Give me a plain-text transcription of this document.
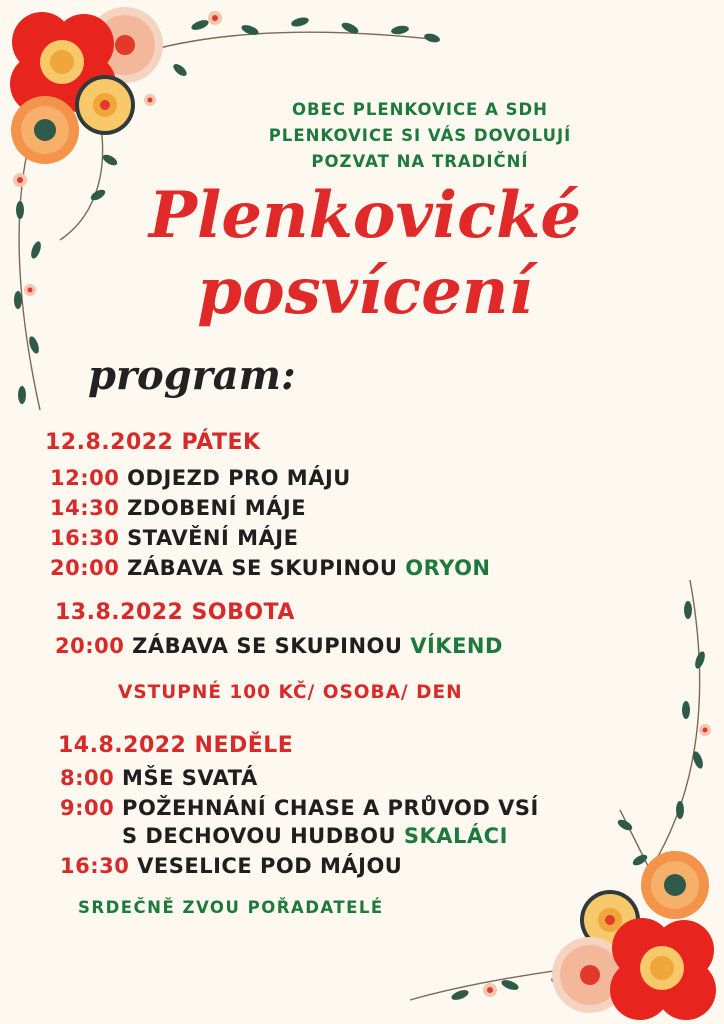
OBEC PLENKOVICE A SDH
PLENKOVICE SI VÁS DOVOLUJÍ
POZVAT NA TRADIČNÍ
Plenkovické
posvícení
program:
12.8.2022 PÁTEK
12:00 ODJEZD PRO MÁJU
14:30 ZDOBENÍ MÁJE
16:30 STAVĚNÍ MÁJE
20:00 ZÁBAVA SE SKUPINOU ORYON
13.8.2022 SOBOTA
20:00 ZÁBAVA SE SKUPINOU VÍKEND
VSTUPNÉ 100 KČ/ OSOBA/ DEN
14.8.2022 NEDĚLE
8:00 MŠE SVATÁ
9:00 POŽEHNÁNÍ CHASE A PRŮVOD VSÍ
S DECHOVOU HUDBOU SKALÁCI
16:30 VESELICE POD MÁJOU
SRDEČNĚ ZVOU POŘADATELÉ
